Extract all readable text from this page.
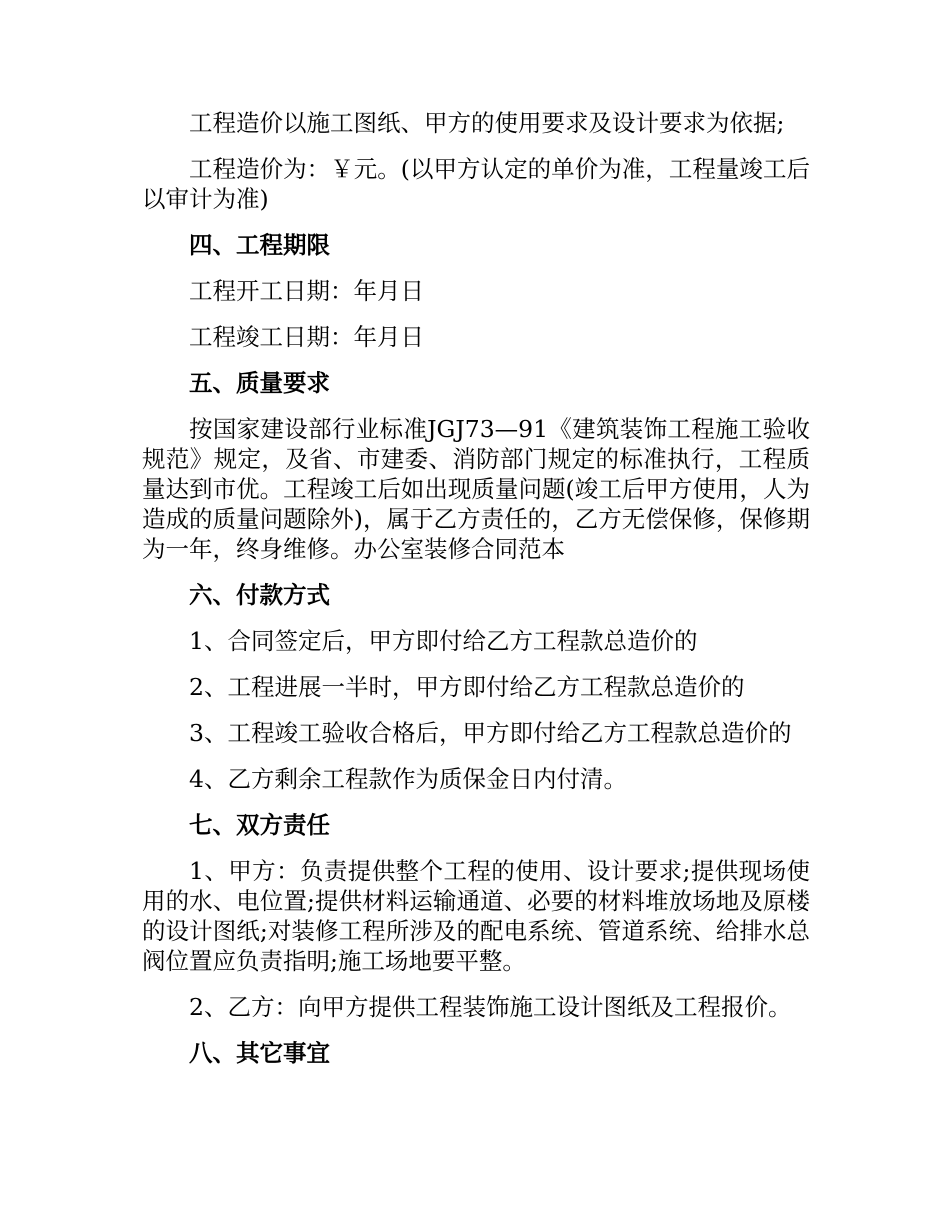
工程造价以施工图纸、甲方的使用要求及设计要求为依据;

工程造价为：￥元。(以甲方认定的单价为准，工程量竣工后以审计为准)

四、工程期限

工程开工日期：年月日

工程竣工日期：年月日

五、质量要求

按国家建设部行业标准JGJ73—91《建筑装饰工程施工验收规范》规定，及省、市建委、消防部门规定的标准执行，工程质量达到市优。工程竣工后如出现质量问题(竣工后甲方使用，人为造成的质量问题除外)，属于乙方责任的，乙方无偿保修，保修期为一年，终身维修。办公室装修合同范本

六、付款方式

1、合同签定后，甲方即付给乙方工程款总造价的

2、工程进展一半时，甲方即付给乙方工程款总造价的

3、工程竣工验收合格后，甲方即付给乙方工程款总造价的

4、乙方剩余工程款作为质保金日内付清。

七、双方责任

1、甲方：负责提供整个工程的使用、设计要求;提供现场使用的水、电位置;提供材料运输通道、必要的材料堆放场地及原楼的设计图纸;对装修工程所涉及的配电系统、管道系统、给排水总阀位置应负责指明;施工场地要平整。

2、乙方：向甲方提供工程装饰施工设计图纸及工程报价。

八、其它事宜
